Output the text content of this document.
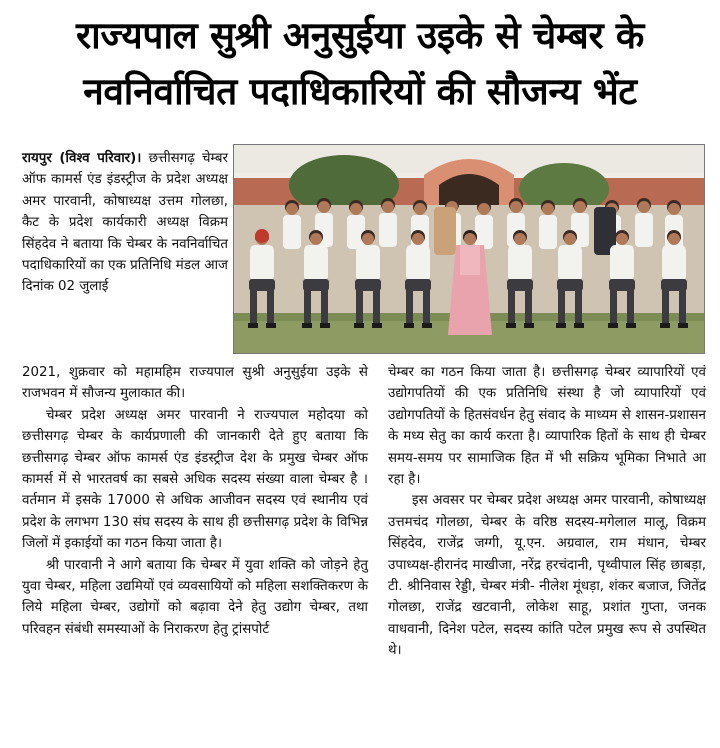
राज्यपाल सुश्री अनुसुईया उइके से चेम्बर के
नवनिर्वाचित पदाधिकारियों की सौजन्य भेंट

रायपुर (विश्व परिवार)। छत्तीसगढ़ चेम्बर ऑफ कामर्स एंड इंडस्ट्रीज के प्रदेश अध्यक्ष अमर पारवानी, कोषाध्यक्ष उत्तम गोलछा, कैट के प्रदेश कार्यकारी अध्यक्ष विक्रम सिंहदेव ने बताया कि चेम्बर के नवनिर्वाचित पदाधिकारियों का एक प्रतिनिधि मंडल आज दिनांक 02 जुलाई

2021, शुक्रवार को महामहिम राज्यपाल सुश्री अनुसुईया उइके से राजभवन में सौजन्य मुलाकात की।

चेम्बर प्रदेश अध्यक्ष अमर पारवानी ने राज्यपाल महोदया को छत्तीसगढ़ चेम्बर के कार्यप्रणाली की जानकारी देते हुए बताया कि छत्तीसगढ़ चेम्बर ऑफ कामर्स एंड इंडस्ट्रीज देश के प्रमुख चेम्बर ऑफ कामर्स में से भारतवर्ष का सबसे अधिक सदस्य संख्या वाला चेम्बर है । वर्तमान में इसके 17000 से अधिक आजीवन सदस्य एवं स्थानीय एवं प्रदेश के लगभग 130 संघ सदस्य के साथ ही छत्तीसगढ़ प्रदेश के विभिन्न जिलों में इकाईयों का गठन किया जाता है।

श्री पारवानी ने आगे बताया कि चेम्बर में युवा शक्ति को जोड़ने हेतु युवा चेम्बर, महिला उद्यमियों एवं व्यवसायियों को महिला सशक्तिकरण के लिये महिला चेम्बर, उद्योगों को बढ़ावा देने हेतु उद्योग चेम्बर, तथा परिवहन संबंधी समस्याओं के निराकरण हेतु ट्रांसपोर्ट

चेम्बर का गठन किया जाता है। छत्तीसगढ़ चेम्बर व्यापारियों एवं उद्योगपतियों की एक प्रतिनिधि संस्था है जो व्यापारियों एवं उद्योगपतियों के हितसंवर्धन हेतु संवाद के माध्यम से शासन-प्रशासन के मध्य सेतु का कार्य करता है। व्यापारिक हितों के साथ ही चेम्बर समय-समय पर सामाजिक हित में भी सक्रिय भूमिका निभाते आ रहा है।

इस अवसर पर चेम्बर प्रदेश अध्यक्ष अमर पारवानी, कोषाध्यक्ष उत्तमचंद गोलछा, चेम्बर के वरिष्ठ सदस्य-मगेलाल मालू, विक्रम सिंहदेव, राजेंद्र जग्गी, यू.एन. अग्रवाल, राम मंधान, चेम्बर उपाध्यक्ष-हीरानंद माखीजा, नरेंद्र हरचंदानी, पृथ्वीपाल सिंह छाबड़ा, टी. श्रीनिवास रेड्डी, चेम्बर मंत्री- नीलेश मूंधड़ा, शंकर बजाज, जितेंद्र गोलछा, राजेंद्र खटवानी, लोकेश साहू, प्रशांत गुप्ता, जनक वाधवानी, दिनेश पटेल, सदस्य कांति पटेल प्रमुख रूप से उपस्थित थे।
